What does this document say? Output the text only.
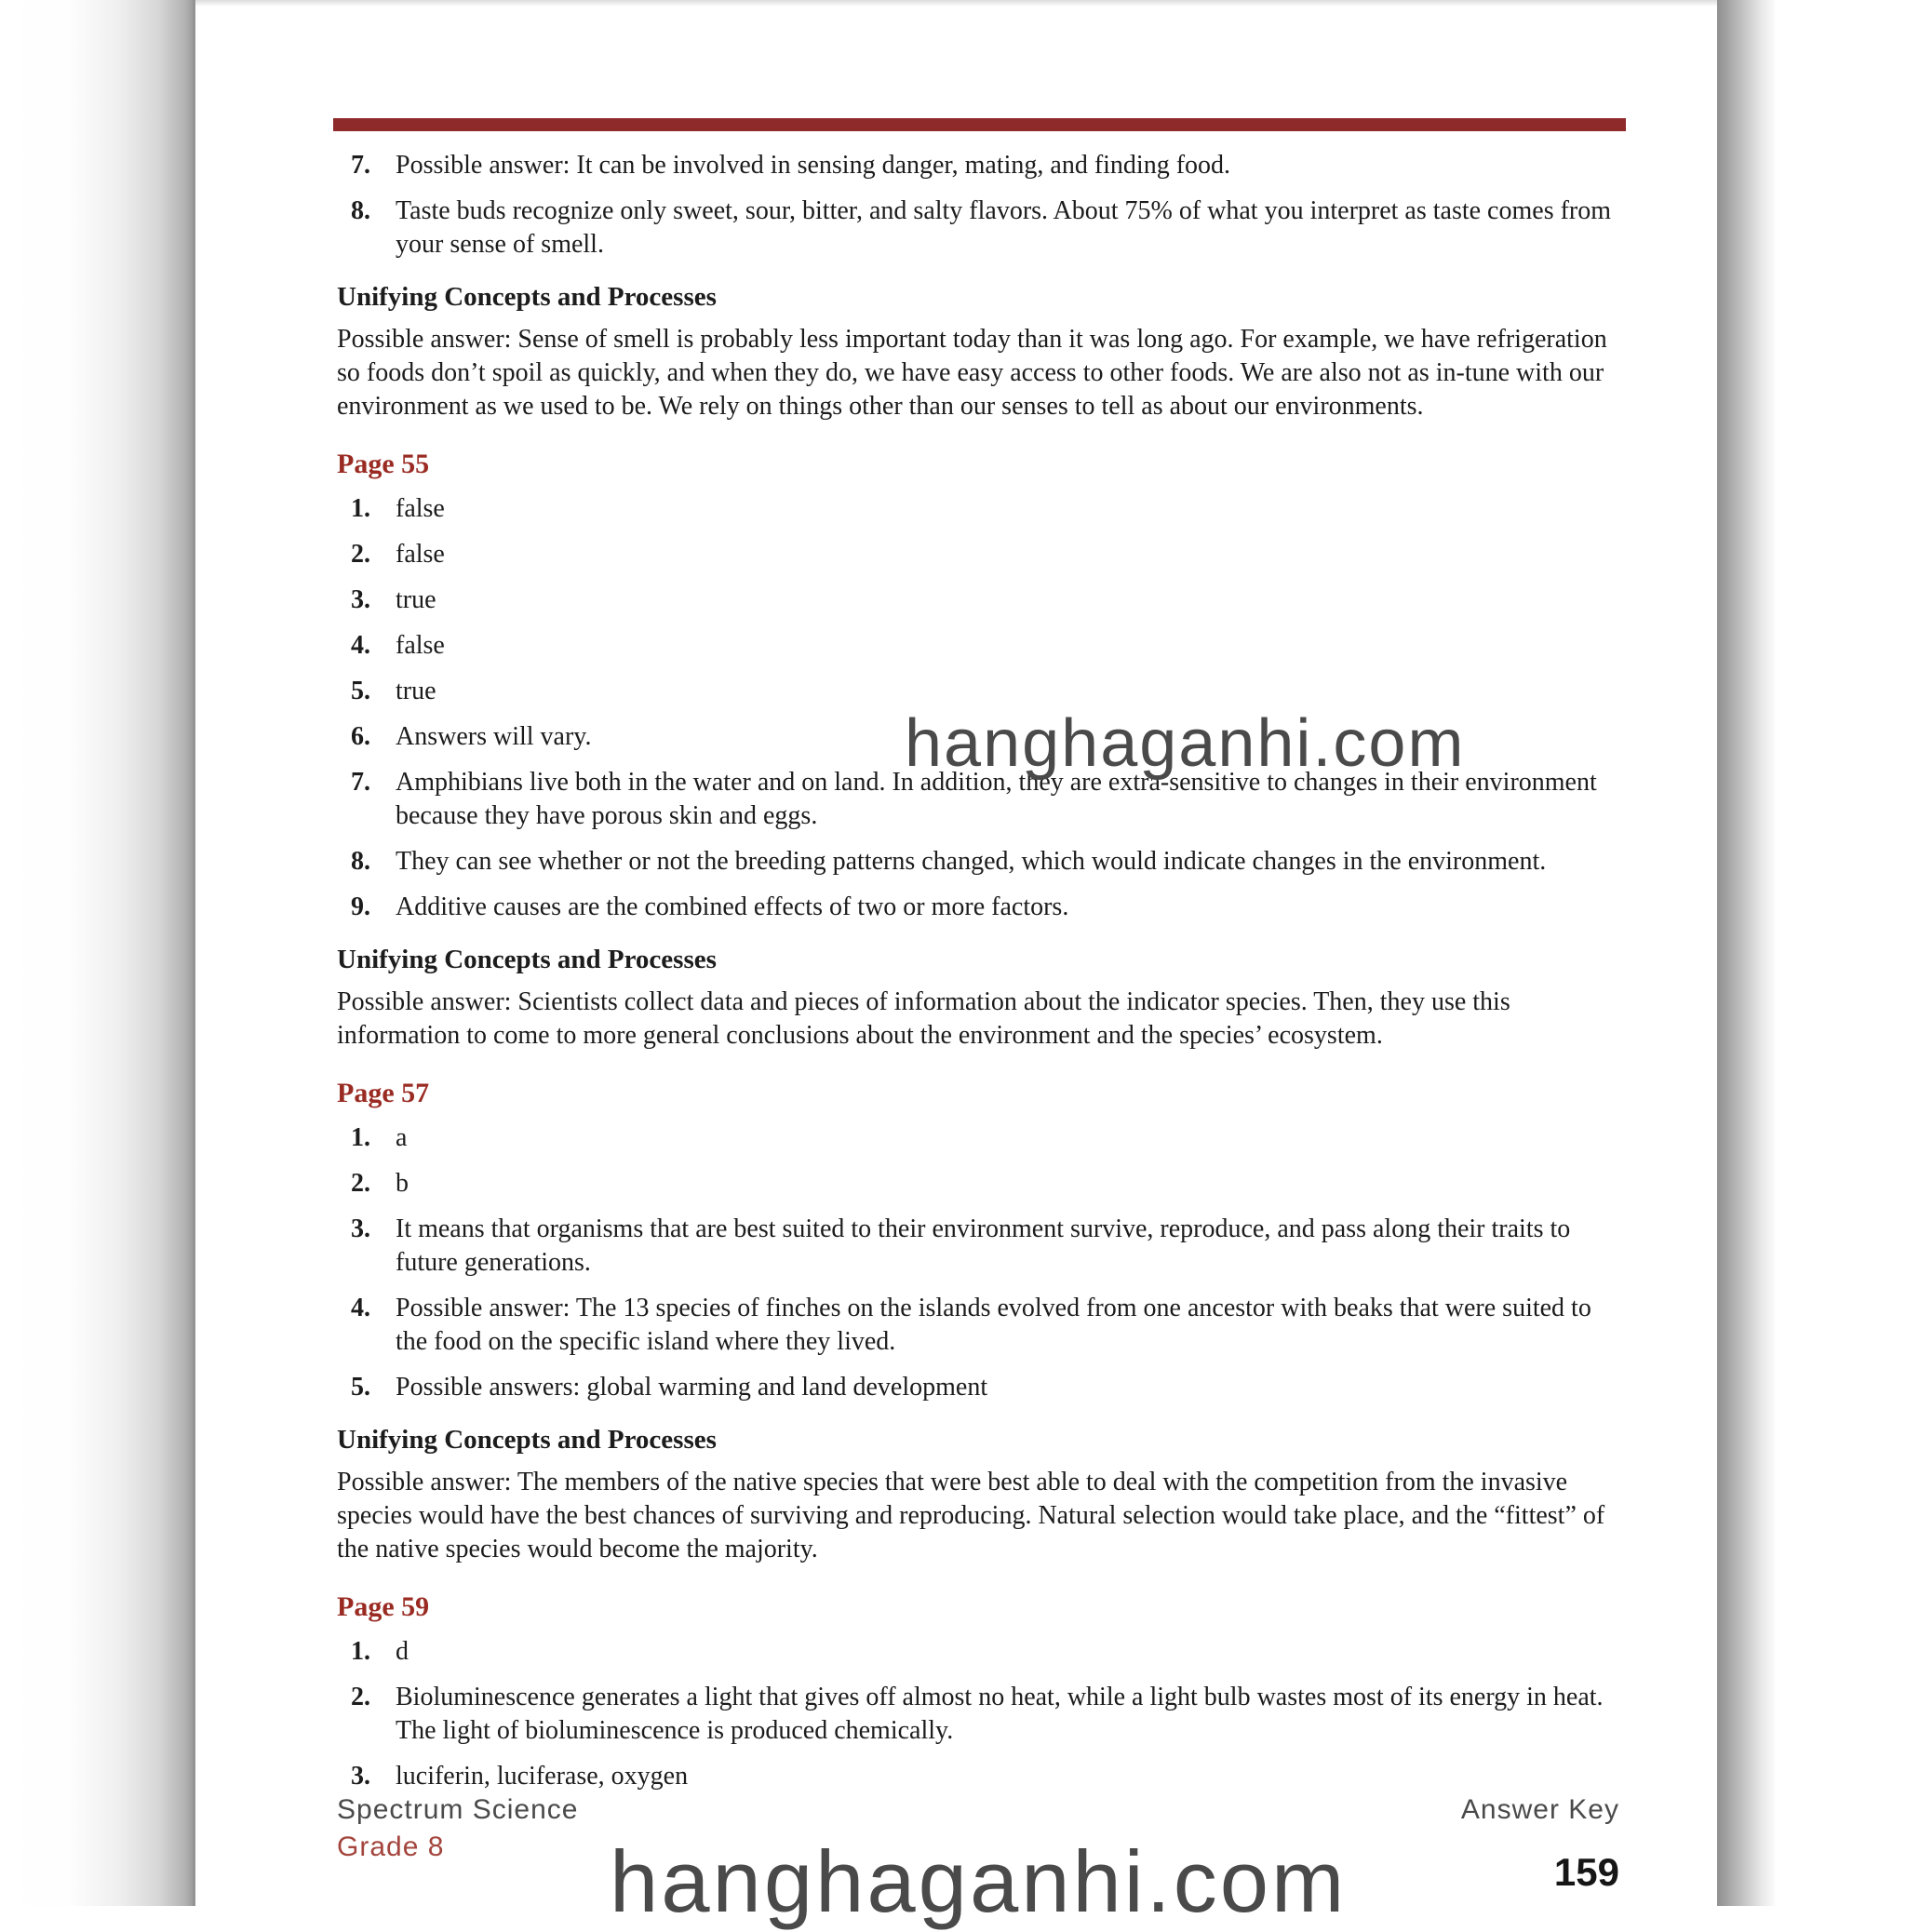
7. Possible answer: It can be involved in sensing danger, mating, and finding food.
8. Taste buds recognize only sweet, sour, bitter, and salty flavors. About 75% of what you interpret as taste comes from your sense of smell.
Unifying Concepts and Processes
Possible answer: Sense of smell is probably less important today than it was long ago. For example, we have refrigeration so foods don’t spoil as quickly, and when they do, we have easy access to other foods. We are also not as in-tune with our environment as we used to be. We rely on things other than our senses to tell as about our environments.
Page 55
1. false
2. false
3. true
4. false
5. true
6. Answers will vary.
7. Amphibians live both in the water and on land. In addition, they are extra-sensitive to changes in their environment because they have porous skin and eggs.
8. They can see whether or not the breeding patterns changed, which would indicate changes in the environment.
9. Additive causes are the combined effects of two or more factors.
Unifying Concepts and Processes
Possible answer: Scientists collect data and pieces of information about the indicator species. Then, they use this information to come to more general conclusions about the environment and the species’ ecosystem.
Page 57
1. a
2. b
3. It means that organisms that are best suited to their environment survive, reproduce, and pass along their traits to future generations.
4. Possible answer: The 13 species of finches on the islands evolved from one ancestor with beaks that were suited to the food on the specific island where they lived.
5. Possible answers: global warming and land development
Unifying Concepts and Processes
Possible answer: The members of the native species that were best able to deal with the competition from the invasive species would have the best chances of surviving and reproducing. Natural selection would take place, and the “fittest” of the native species would become the majority.
Page 59
1. d
2. Bioluminescence generates a light that gives off almost no heat, while a light bulb wastes most of its energy in heat. The light of bioluminescence is produced chemically.
3. luciferin, luciferase, oxygen
hanghaganhi.com
hanghaganhi.com
Spectrum Science
Grade 8
Answer Key
159
